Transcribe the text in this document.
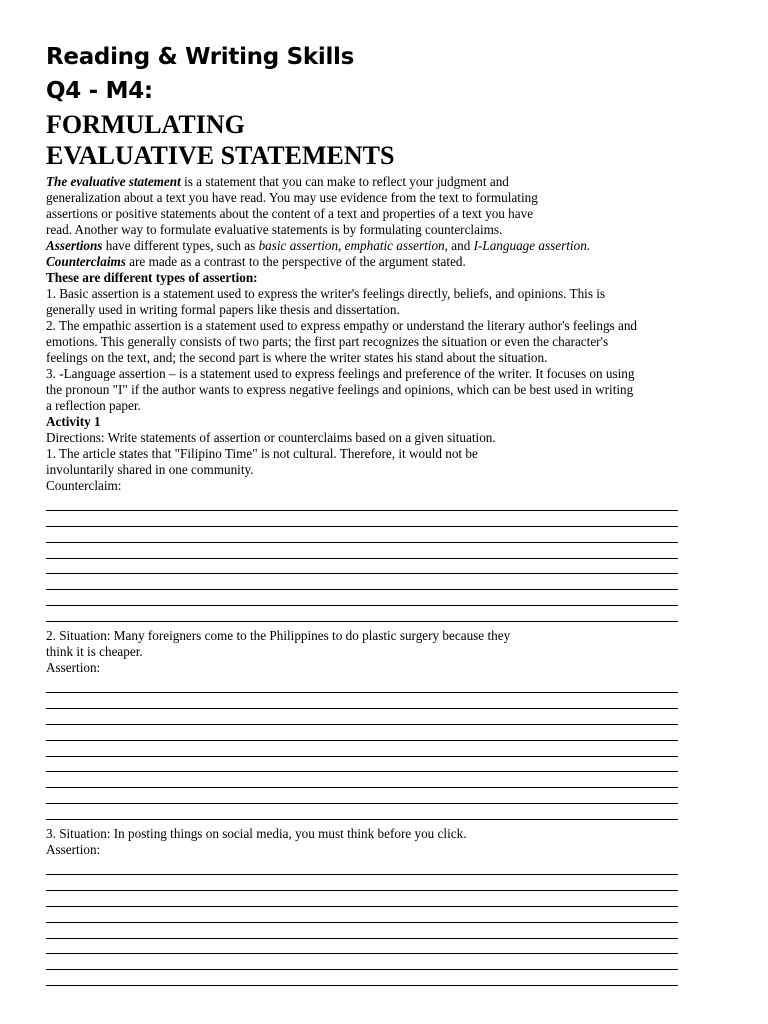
Reading & Writing Skills
Q4 - M4:
FORMULATING
EVALUATIVE STATEMENTS

The evaluative statement is a statement that you can make to reflect your judgment and

generalization about a text you have read. You may use evidence from the text to formulating

assertions or positive statements about the content of a text and properties of a text you have

read. Another way to formulate evaluative statements is by formulating counterclaims.

Assertions have different types, such as basic assertion, emphatic assertion, and I-Language assertion.

Counterclaims are made as a contrast to the perspective of the argument stated.

These are different types of assertion:

1. Basic assertion is a statement used to express the writer's feelings directly, beliefs, and opinions. This is

generally used in writing formal papers like thesis and dissertation.

2. The empathic assertion is a statement used to express empathy or understand the literary author's feelings and

emotions. This generally consists of two parts; the first part recognizes the situation or even the character's

feelings on the text, and; the second part is where the writer states his stand about the situation.

3. -Language assertion – is a statement used to express feelings and preference of the writer. It focuses on using

the pronoun "I" if the author wants to express negative feelings and opinions, which can be best used in writing

a reflection paper.

Activity 1

Directions: Write statements of assertion or counterclaims based on a given situation.

1. The article states that "Filipino Time" is not cultural. Therefore, it would not be

involuntarily shared in one community.

Counterclaim:

2. Situation: Many foreigners come to the Philippines to do plastic surgery because they

think it is cheaper.

Assertion:

3. Situation: In posting things on social media, you must think before you click.

Assertion:
